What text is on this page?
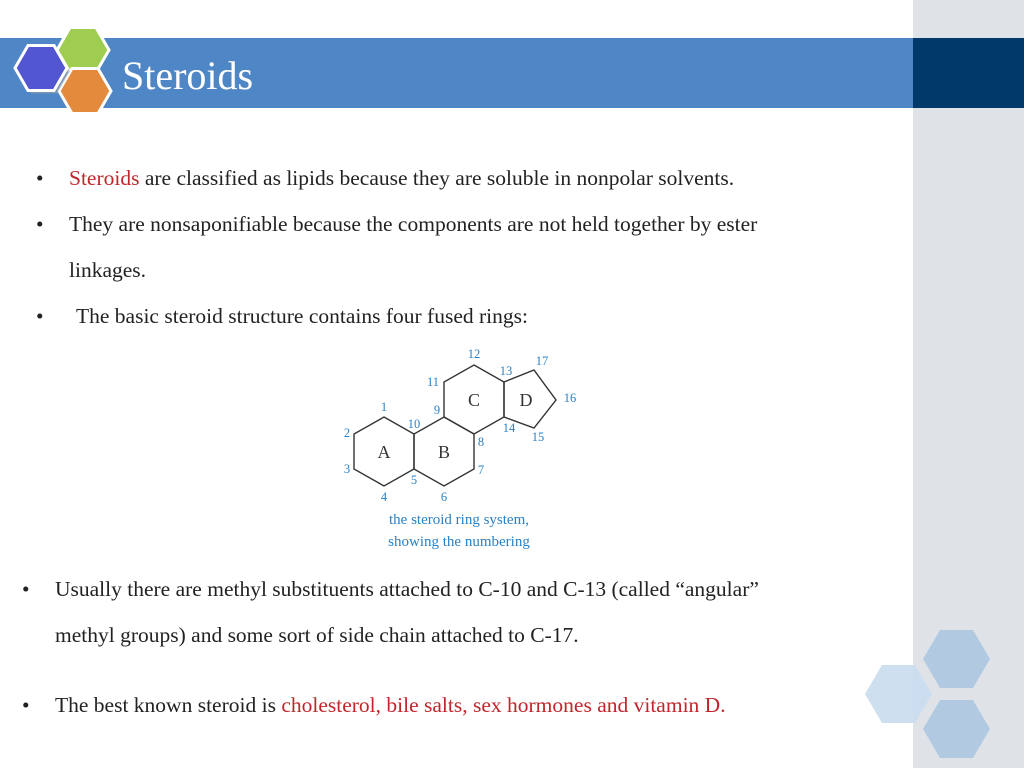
Steroids
•	Steroids are classified as lipids because they are soluble in nonpolar solvents.
•	They are nonsaponifiable because the components are not held together by ester
linkages.
•	The basic steroid structure contains four fused rings:
A	B
C D
1
2
3
4
5
6
7
8
9
10
11
12
13
14
15
16
17
the steroid ring system,
showing the numbering
•	Usually there are methyl substituents attached to C-10 and C-13 (called “angular”
methyl groups) and some sort of side chain attached to C-17.
•	The best known steroid is cholesterol, bile salts, sex hormones and vitamin D.
